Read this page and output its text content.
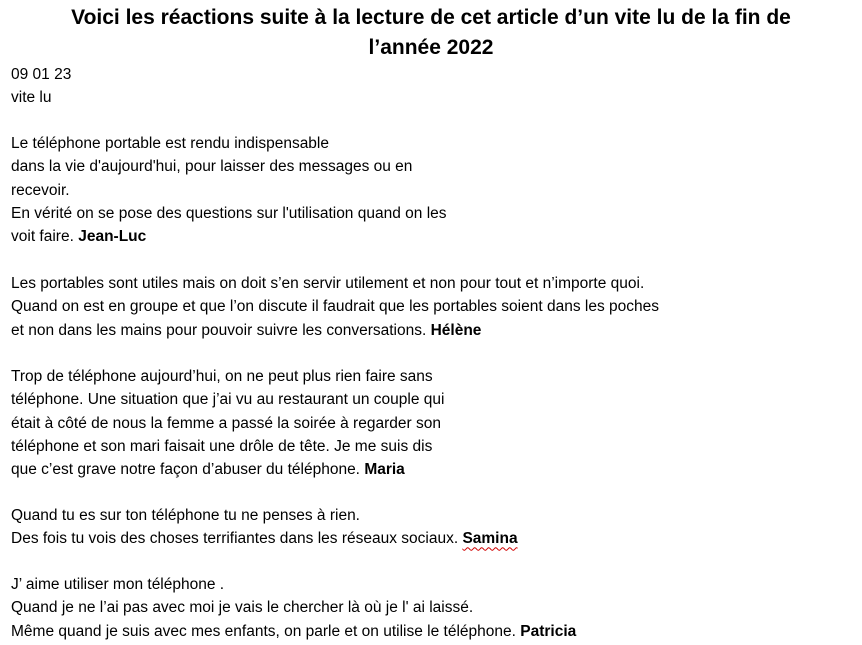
Voici les réactions suite à la lecture de cet article d’un vite lu de la fin de
l’année 2022

09 01 23

vite lu

Le téléphone portable est rendu indispensable
dans la vie d'aujourd'hui, pour laisser des messages ou en
recevoir.
En vérité on se pose des questions sur l'utilisation quand on les
voit faire. Jean-Luc
Les portables sont utiles mais on doit s’en servir utilement et non pour tout et n’importe quoi.
Quand on est en groupe et que l’on discute il faudrait que les portables soient dans les poches
et non dans les mains pour pouvoir suivre les conversations. Hélène
Trop de téléphone aujourd’hui, on ne peut plus rien faire sans
téléphone. Une situation que j’ai vu au restaurant un couple qui
était à côté de nous la femme a passé la soirée à regarder son
téléphone et son mari faisait une drôle de tête. Je me suis dis
que c’est grave notre façon d’abuser du téléphone. Maria
Quand tu es sur ton téléphone tu ne penses à rien.
Des fois tu vois des choses terrifiantes dans les réseaux sociaux. Samina
J’ aime utiliser mon téléphone .
Quand je ne l’ai pas avec moi je vais le chercher là où je l' ai laissé.
Même quand je suis avec mes enfants, on parle et on utilise le téléphone. Patricia
